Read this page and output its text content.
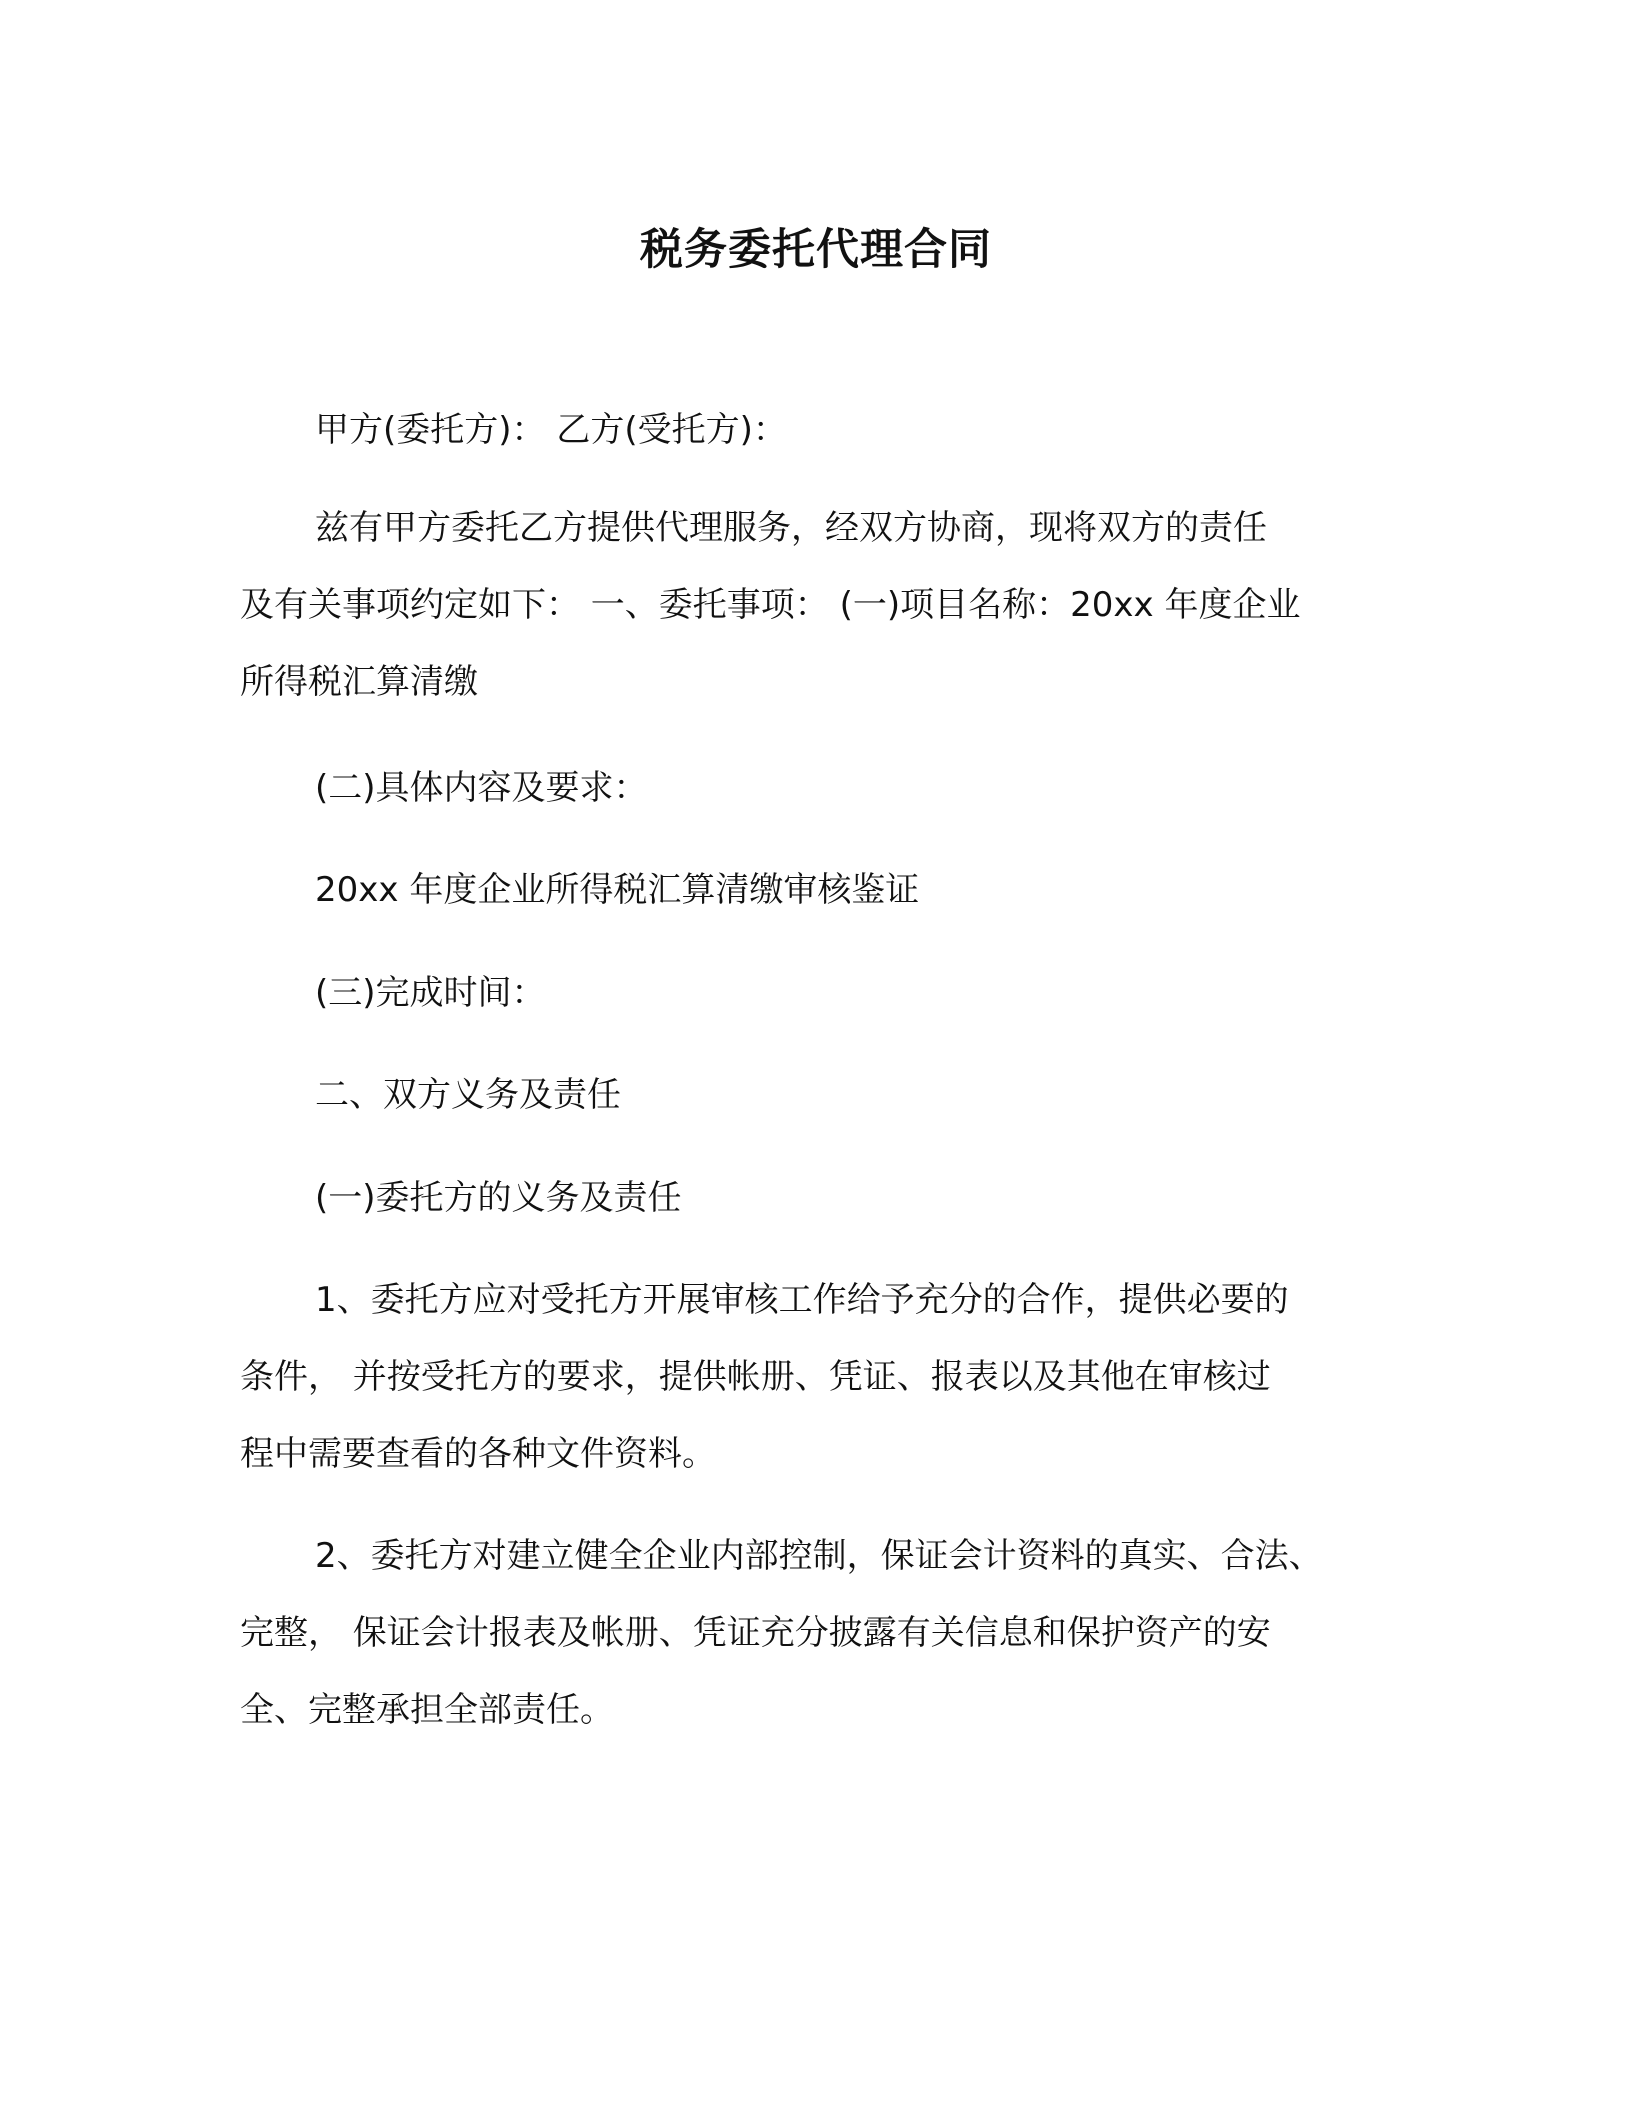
税务委托代理合同
甲方(委托方)： 乙方(受托方)：
兹有甲方委托乙方提供代理服务，经双方协商，现将双方的责任
及有关事项约定如下： 一、委托事项： (一)项目名称：20xx 年度企业
所得税汇算清缴
(二)具体内容及要求：
20xx 年度企业所得税汇算清缴审核鉴证
(三)完成时间：
二、双方义务及责任
(一)委托方的义务及责任
1、委托方应对受托方开展审核工作给予充分的合作，提供必要的
条件， 并按受托方的要求，提供帐册、凭证、报表以及其他在审核过
程中需要查看的各种文件资料。
2、委托方对建立健全企业内部控制，保证会计资料的真实、合法、
完整， 保证会计报表及帐册、凭证充分披露有关信息和保护资产的安
全、完整承担全部责任。
